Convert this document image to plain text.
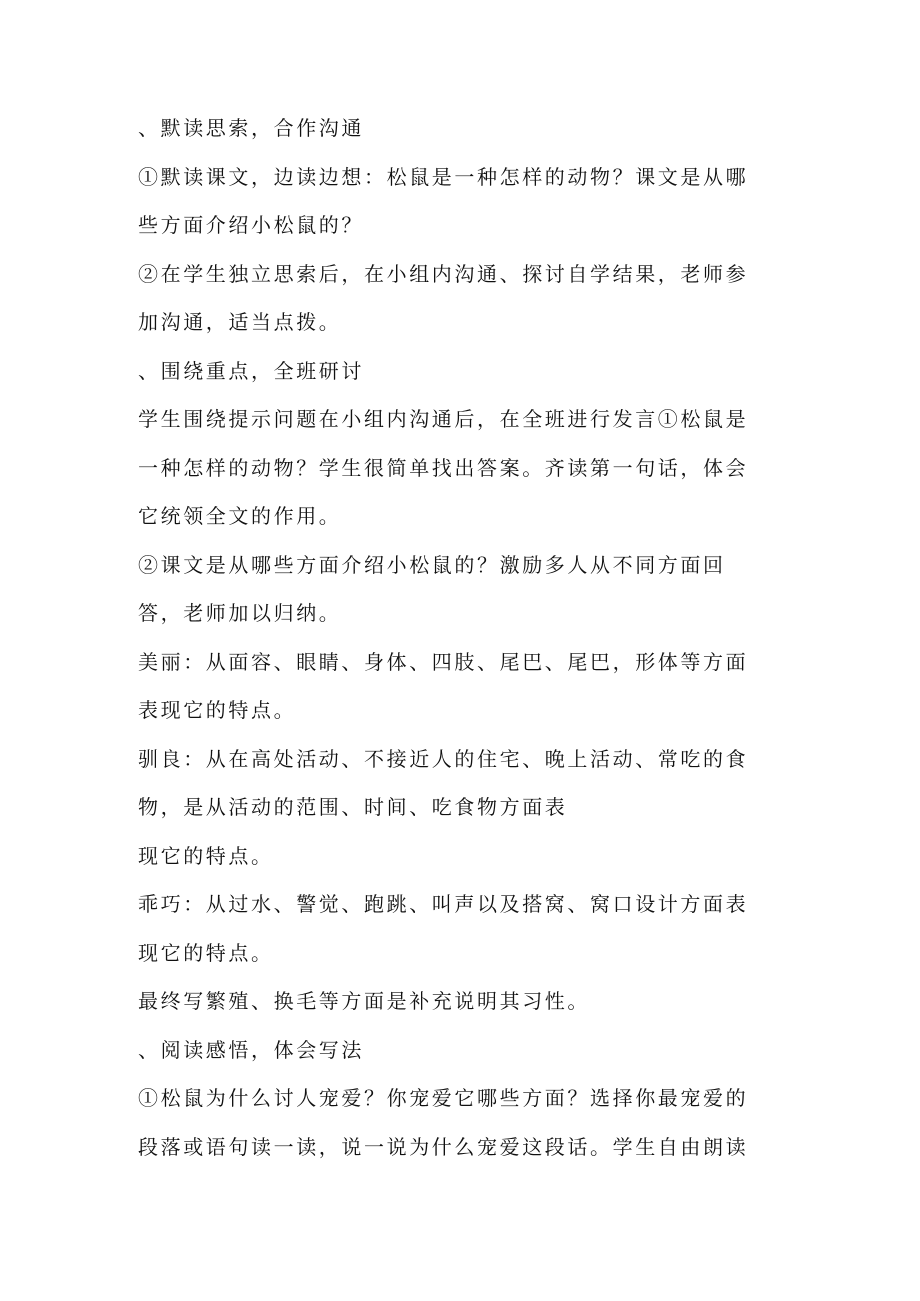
、默读思索，合作沟通
①默读课文，边读边想：松鼠是一种怎样的动物？课文是从哪
些方面介绍小松鼠的？
②在学生独立思索后，在小组内沟通、探讨自学结果，老师参
加沟通，适当点拨。
、围绕重点，全班研讨
学生围绕提示问题在小组内沟通后，在全班进行发言①松鼠是
一种怎样的动物？学生很简单找出答案。齐读第一句话，体会
它统领全文的作用。
②课文是从哪些方面介绍小松鼠的？激励多人从不同方面回
答，老师加以归纳。
美丽：从面容、眼睛、身体、四肢、尾巴、尾巴，形体等方面
表现它的特点。
驯良：从在高处活动、不接近人的住宅、晚上活动、常吃的食
物，是从活动的范围、时间、吃食物方面表
现它的特点。
乖巧：从过水、警觉、跑跳、叫声以及搭窝、窝口设计方面表
现它的特点。
最终写繁殖、换毛等方面是补充说明其习性。
、阅读感悟，体会写法
①松鼠为什么讨人宠爱？你宠爱它哪些方面？选择你最宠爱的
段落或语句读一读，说一说为什么宠爱这段话。学生自由朗读
